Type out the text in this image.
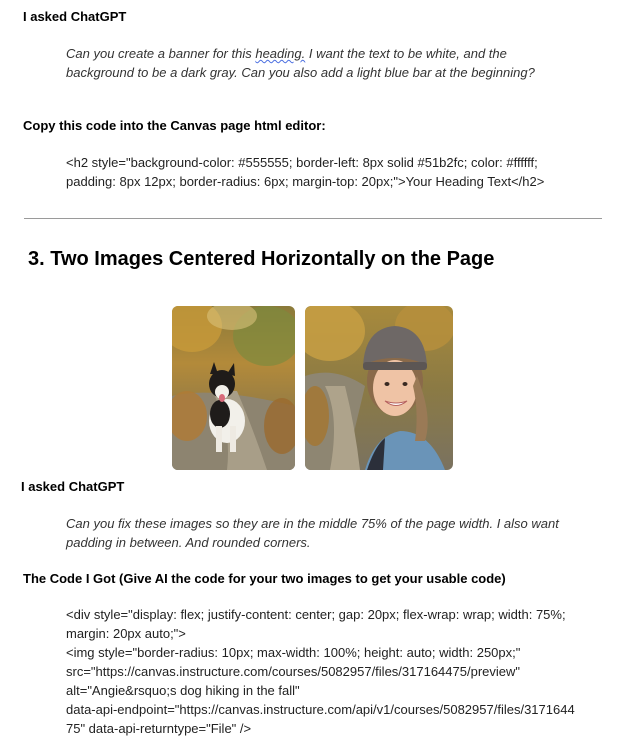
I asked ChatGPT
Can you create a banner for this heading. I want the text to be white, and the
background to be a dark gray. Can you also add a light blue bar at the beginning?
Copy this code into the Canvas page html editor:
<h2 style="background-color: #555555; border-left: 8px solid #51b2fc; color: #ffffff;
padding: 8px 12px; border-radius: 6px; margin-top: 20px;">Your Heading Text</h2>
3. Two Images Centered Horizontally on the Page
I asked ChatGPT
Can you fix these images so they are in the middle 75% of the page width. I also want
padding in between. And rounded corners.
The Code I Got (Give AI the code for your two images to get your usable code)
<div style="display: flex; justify-content: center; gap: 20px; flex-wrap: wrap; width: 75%;
margin: 20px auto;">
<img style="border-radius: 10px; max-width: 100%; height: auto; width: 250px;"
src="https://canvas.instructure.com/courses/5082957/files/317164475/preview"
alt="Angie&rsquo;s dog hiking in the fall"
data-api-endpoint="https://canvas.instructure.com/api/v1/courses/5082957/files/3171644
75" data-api-returntype="File" />
